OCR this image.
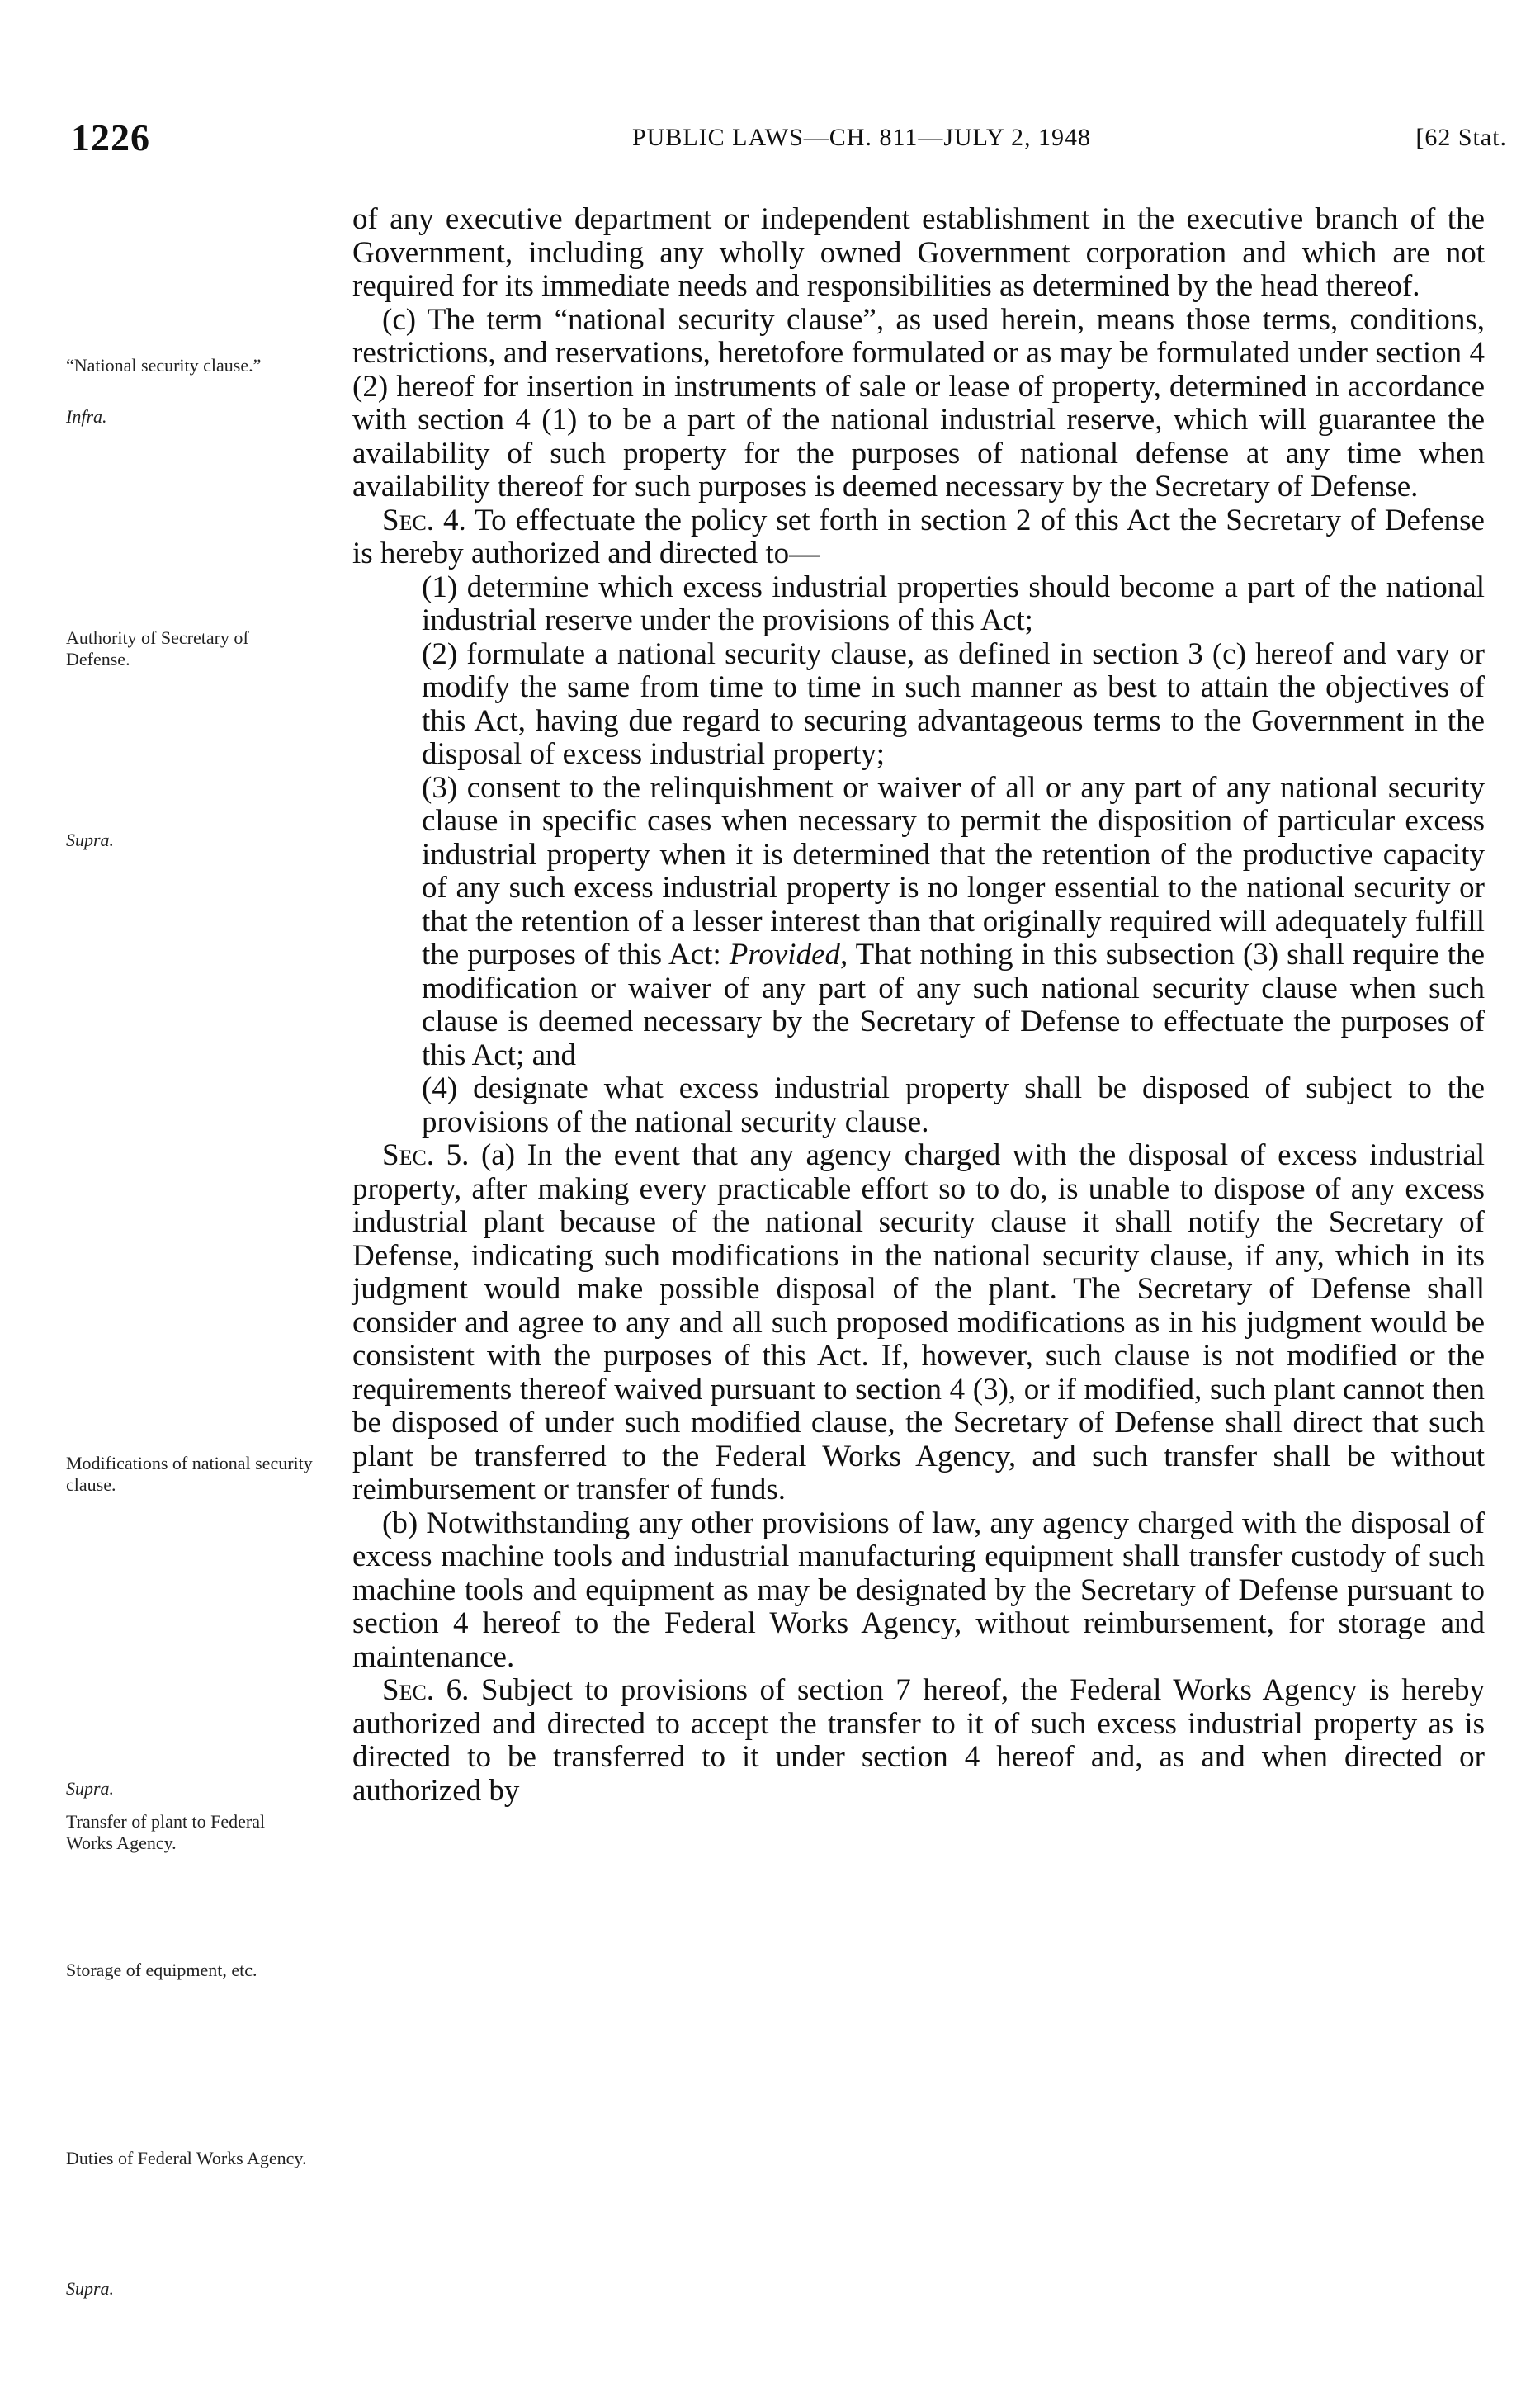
1226	PUBLIC LAWS—CH. 811—JULY 2, 1948	[62 Stat.
“National security clause.”
Infra.
Authority of Secretary of Defense.
Supra.
Modifications of national security clause.
Supra.
Transfer of plant to Federal Works Agency.
Storage of equipment, etc.
Duties of Federal Works Agency.
Supra.

of any executive department or independent establishment in the executive branch of the Government, including any wholly owned Government corporation and which are not required for its immediate needs and responsibilities as determined by the head thereof.

(c) The term “national security clause”, as used herein, means those terms, conditions, restrictions, and reservations, heretofore formulated or as may be formulated under section 4 (2) hereof for insertion in instruments of sale or lease of property, determined in accordance with section 4 (1) to be a part of the national industrial reserve, which will guarantee the availability of such property for the purposes of national defense at any time when availability thereof for such purposes is deemed necessary by the Secretary of Defense.

Sec. 4. To effectuate the policy set forth in section 2 of this Act the Secretary of Defense is hereby authorized and directed to—

(1) determine which excess industrial properties should become a part of the national industrial reserve under the provisions of this Act;

(2) formulate a national security clause, as defined in section 3 (c) hereof and vary or modify the same from time to time in such manner as best to attain the objectives of this Act, having due regard to securing advantageous terms to the Government in the disposal of excess industrial property;

(3) consent to the relinquishment or waiver of all or any part of any national security clause in specific cases when necessary to permit the disposition of particular excess industrial property when it is determined that the retention of the productive capacity of any such excess industrial property is no longer essential to the national security or that the retention of a lesser interest than that originally required will adequately fulfill the purposes of this Act: Provided, That nothing in this subsection (3) shall require the modification or waiver of any part of any such national security clause when such clause is deemed necessary by the Secretary of Defense to effectuate the purposes of this Act; and

(4) designate what excess industrial property shall be disposed of subject to the provisions of the national security clause.

Sec. 5. (a) In the event that any agency charged with the disposal of excess industrial property, after making every practicable effort so to do, is unable to dispose of any excess industrial plant because of the national security clause it shall notify the Secretary of Defense, indicating such modifications in the national security clause, if any, which in its judgment would make possible disposal of the plant. The Secretary of Defense shall consider and agree to any and all such proposed modifications as in his judgment would be consistent with the purposes of this Act. If, however, such clause is not modified or the requirements thereof waived pursuant to section 4 (3), or if modified, such plant cannot then be disposed of under such modified clause, the Secretary of Defense shall direct that such plant be transferred to the Federal Works Agency, and such transfer shall be without reimbursement or transfer of funds.

(b) Notwithstanding any other provisions of law, any agency charged with the disposal of excess machine tools and industrial manufacturing equipment shall transfer custody of such machine tools and equipment as may be designated by the Secretary of Defense pursuant to section 4 hereof to the Federal Works Agency, without reimbursement, for storage and maintenance.

Sec. 6. Subject to provisions of section 7 hereof, the Federal Works Agency is hereby authorized and directed to accept the transfer to it of such excess industrial property as is directed to be transferred to it under section 4 hereof and, as and when directed or authorized by
